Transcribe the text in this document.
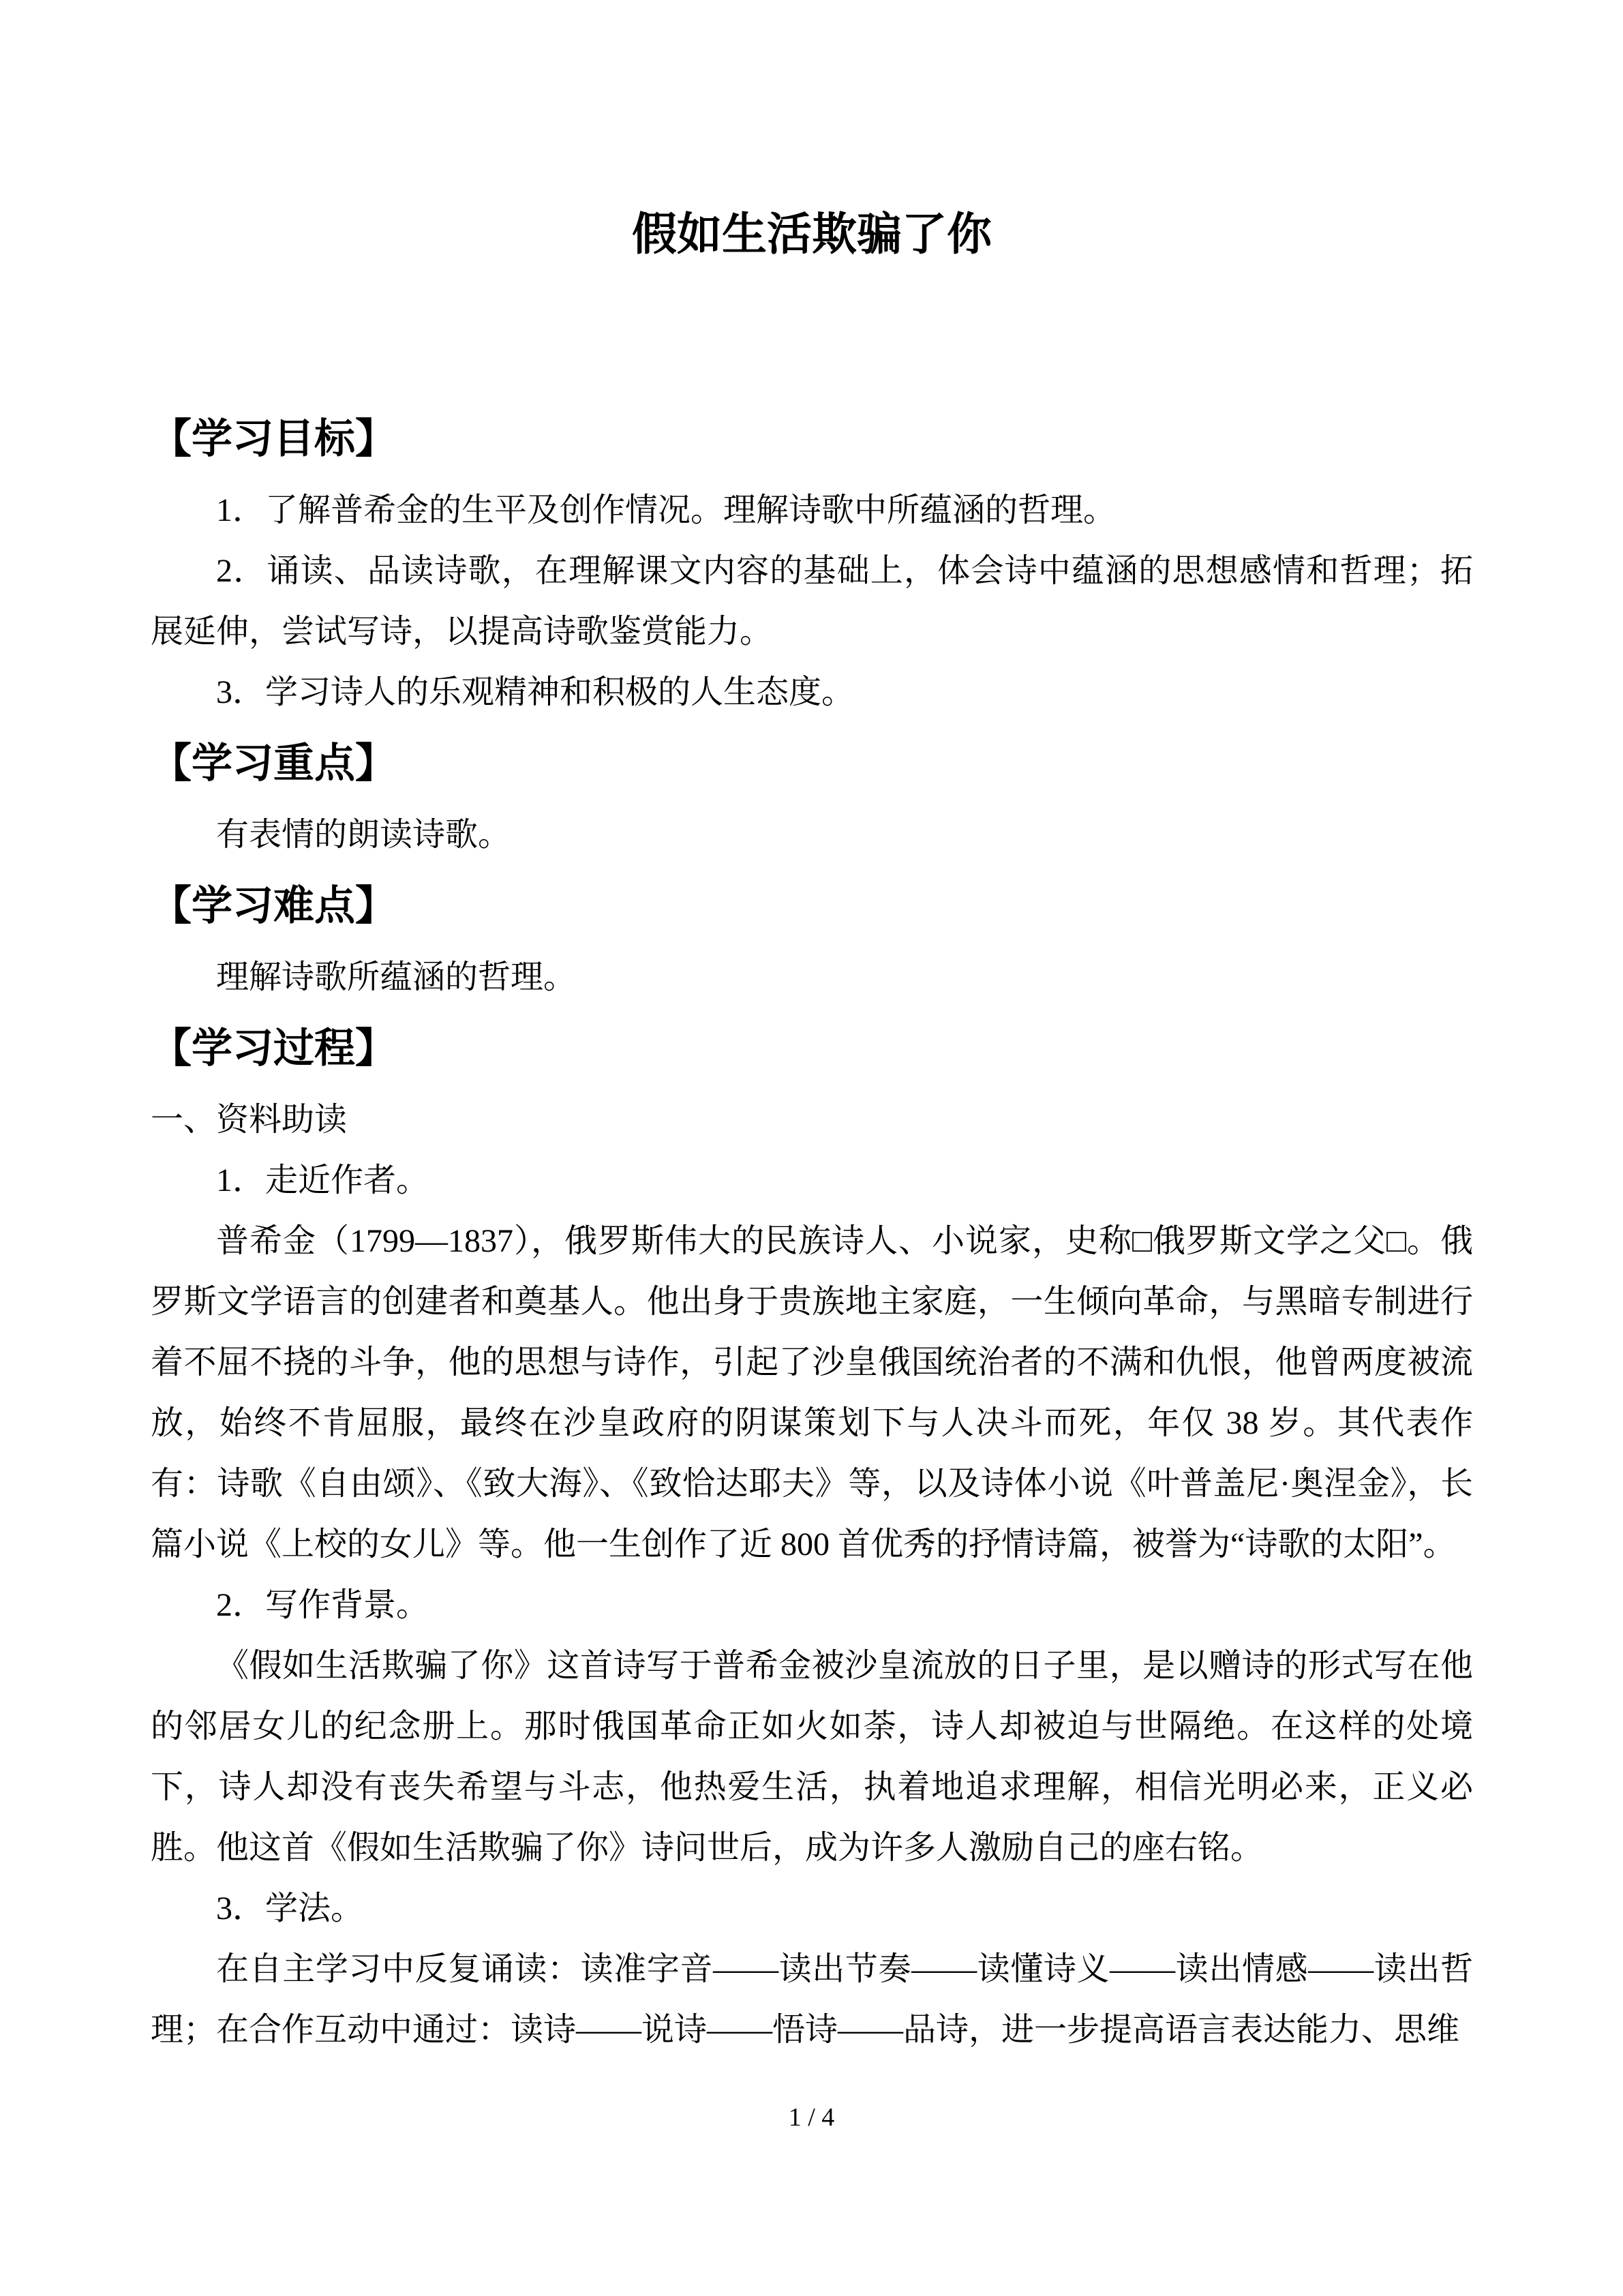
假如生活欺骗了你

【学习目标】

1．了解普希金的生平及创作情况。理解诗歌中所蕴涵的哲理。

2．诵读、品读诗歌，在理解课文内容的基础上，体会诗中蕴涵的思想感情和哲理；拓展延伸，尝试写诗，以提高诗歌鉴赏能力。

3．学习诗人的乐观精神和积极的人生态度。

【学习重点】

有表情的朗读诗歌。

【学习难点】

理解诗歌所蕴涵的哲理。

【学习过程】

一、资料助读

1．走近作者。

普希金（1799—1837），俄罗斯伟大的民族诗人、小说家，史称□俄罗斯文学之父□。俄罗斯文学语言的创建者和奠基人。他出身于贵族地主家庭，一生倾向革命，与黑暗专制进行着不屈不挠的斗争，他的思想与诗作，引起了沙皇俄国统治者的不满和仇恨，他曾两度被流放，始终不肯屈服，最终在沙皇政府的阴谋策划下与人决斗而死，年仅 38 岁。其代表作有：诗歌《自由颂》、《致大海》、《致恰达耶夫》等，以及诗体小说《叶普盖尼·奥涅金》，长篇小说《上校的女儿》等。他一生创作了近 800 首优秀的抒情诗篇，被誉为“诗歌的太阳”。

2．写作背景。

《假如生活欺骗了你》这首诗写于普希金被沙皇流放的日子里，是以赠诗的形式写在他的邻居女儿的纪念册上。那时俄国革命正如火如荼，诗人却被迫与世隔绝。在这样的处境下，诗人却没有丧失希望与斗志，他热爱生活，执着地追求理解，相信光明必来，正义必胜。他这首《假如生活欺骗了你》诗问世后，成为许多人激励自己的座右铭。

3．学法。

在自主学习中反复诵读：读准字音——读出节奏——读懂诗义——读出情感——读出哲理；在合作互动中通过：读诗——说诗——悟诗——品诗，进一步提高语言表达能力、思维

1 / 4
